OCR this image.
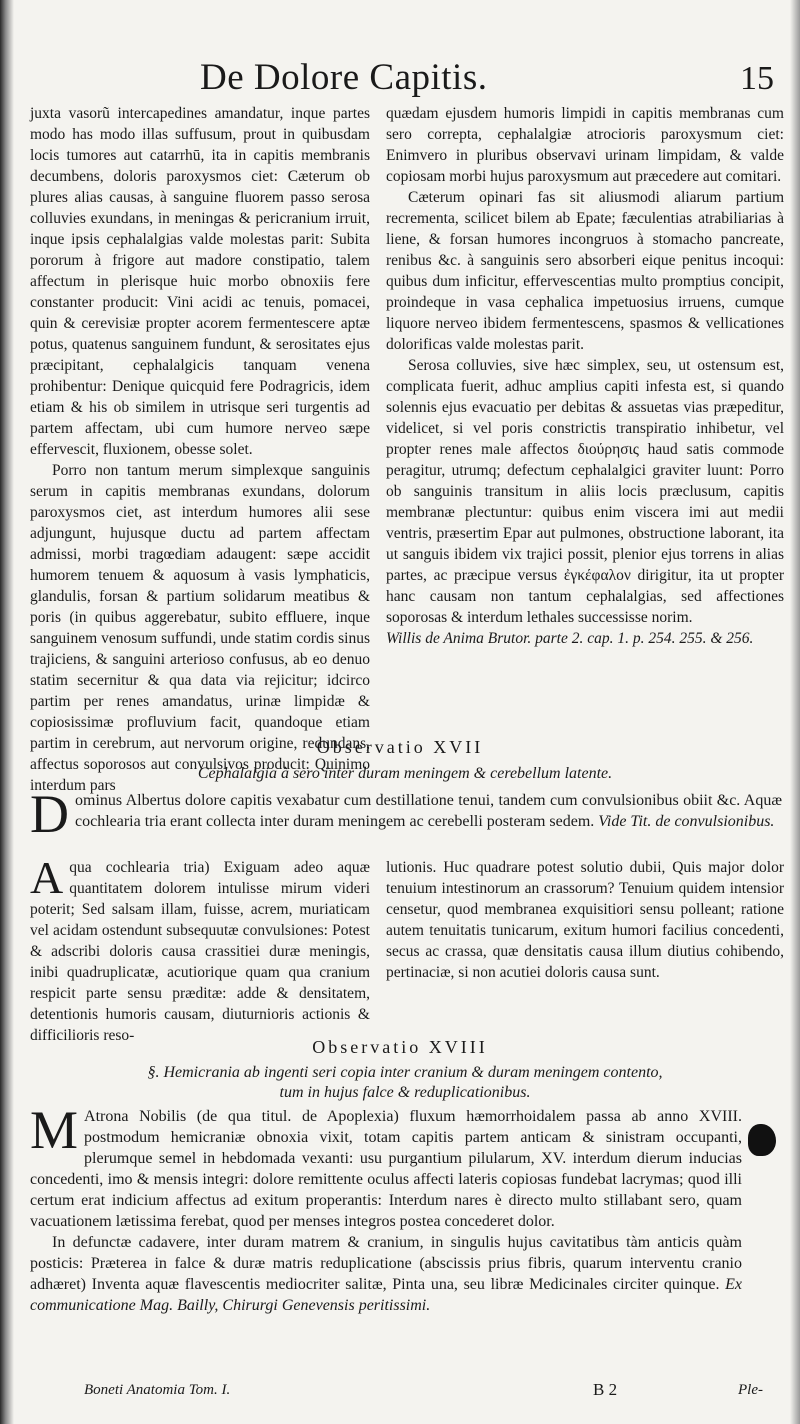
De Dolore Capitis.	15

juxta vasorũ intercapedines amandatur, inque partes modo has modo illas suffusum, prout in quibusdam locis tumores aut catarrhū, ita in capitis membranis decumbens, doloris paroxysmos ciet: Cæterum ob plures alias causas, à sanguine fluorem passo serosa colluvies exundans, in meningas & pericranium irruit, inque ipsis cephalalgias valde molestas parit: Subita pororum à frigore aut madore constipatio, talem affectum in plerisque huic morbo obnoxiis fere constanter producit: Vini acidi ac tenuis, pomacei, quin & cerevisiæ propter acorem fermentescere aptæ potus, quatenus sanguinem fundunt, & serositates ejus præcipitant, cephalalgicis tanquam venena prohibentur: Denique quicquid fere Podragricis, idem etiam & his ob similem in utrisque seri turgentis ad partem affectam, ubi cum humore nerveo sæpe effervescit, fluxionem, obesse solet.

Porro non tantum merum simplexque sanguinis serum in capitis membranas exundans, dolorum paroxysmos ciet, ast interdum humores alii sese adjungunt, hujusque ductu ad partem affectam admissi, morbi tragœdiam adaugent: sæpe accidit humorem tenuem & aquosum à vasis lymphaticis, glandulis, forsan & partium solidarum meatibus & poris (in quibus aggerebatur, subito effluere, inque sanguinem venosum suffundi, unde statim cordis sinus trajiciens, & sanguini arterioso confusus, ab eo denuo statim secernitur & qua data via rejicitur; idcirco partim per renes amandatus, urinæ limpidæ & copiosissimæ profluvium facit, quandoque etiam partim in cerebrum, aut nervorum origine, redundans, affectus soporosos aut convulsivos producit: Quinimo interdum pars

quædam ejusdem humoris limpidi in capitis membranas cum sero correpta, cephalalgiæ atrocioris paroxysmum ciet: Enimvero in pluribus observavi urinam limpidam, & valde copiosam morbi hujus paroxysmum aut præcedere aut comitari.

Cæterum opinari fas sit aliusmodi aliarum partium recrementa, scilicet bilem ab Epate; fæculentias atrabiliarias à liene, & forsan humores incongruos à stomacho pancreate, renibus &c. à sanguinis sero absorberi eique penitus incoqui: quibus dum inficitur, effervescentias multo promptius concipit, proindeque in vasa cephalica impetuosius irruens, cumque liquore nerveo ibidem fermentescens, spasmos & vellicationes dolorificas valde molestas parit.

Serosa colluvies, sive hæc simplex, seu, ut ostensum est, complicata fuerit, adhuc amplius capiti infesta est, si quando solennis ejus evacuatio per debitas & assuetas vias præpeditur, videlicet, si vel poris constrictis transpiratio inhibetur, vel propter renes male affectos διούρησις haud satis commode peragitur, utrumq; defectum cephalalgici graviter luunt: Porro ob sanguinis transitum in aliis locis præclusum, capitis membranæ plectuntur: quibus enim viscera imi aut medii ventris, præsertim Epar aut pulmones, obstructione laborant, ita ut sanguis ibidem vix trajici possit, plenior ejus torrens in alias partes, ac præcipue versus ἐγκέφαλον dirigitur, ita ut propter hanc causam non tantum cephalalgias, sed affectiones soporosas & interdum lethales successisse norim.

Willis de Anima Brutor. parte 2. cap. 1. p. 254. 255. & 256.

Observatio XVII
Cephalalgia à sero inter duram meningem & cerebellum latente.

D ominus Albertus dolore capitis vexabatur cum destillatione tenui, tandem cum convulsionibus obiit &c. Aquæ cochlearia tria erant collecta inter duram meningem ac cerebelli posteram sedem. Vide Tit. de convulsionibus.

A qua cochlearia tria) Exiguam adeo aquæ quantitatem dolorem intulisse mirum videri poterit; Sed salsam illam, fuisse, acrem, muriaticam vel acidam ostendunt subsequutæ convulsiones: Potest & adscribi doloris causa crassitiei duræ meningis, inibi quadruplicatæ, acutiorique quam qua cranium respicit parte sensu præditæ: adde & densitatem, detentionis humoris causam, diuturnioris actionis & difficilioris reso-

lutionis. Huc quadrare potest solutio dubii, Quis major dolor tenuium intestinorum an crassorum? Tenuium quidem intensior censetur, quod membranea exquisitiori sensu polleant; ratione autem tenuitatis tunicarum, exitum humori facilius concedenti, secus ac crassa, quæ densitatis causa illum diutius cohibendo, pertinaciæ, si non acutiei doloris causa sunt.

Observatio XVIII
§. Hemicrania ab ingenti seri copia inter cranium & duram meningem contento,
tum in hujus falce & reduplicationibus.

M Atrona Nobilis (de qua titul. de Apoplexia) fluxum hæmorrhoidalem passa ab anno XVIII. postmodum hemicraniæ obnoxia vixit, totam capitis partem anticam & sinistram occupanti, plerumque semel in hebdomada vexanti: usu purgantium pilularum, XV. interdum dierum inducias concedenti, imo & mensis integri: dolore remittente oculus affecti lateris copiosas fundebat lacrymas; quod illi certum erat indicium affectus ad exitum properantis: Interdum nares è directo multo stillabant sero, quam vacuationem lætissima ferebat, quod per menses integros postea concederet dolor.

In defunctæ cadavere, inter duram matrem & cranium, in singulis hujus cavitatibus tàm anticis quàm posticis: Præterea in falce & duræ matris reduplicatione (abscissis prius fibris, quarum interventu cranio adhæret) Inventa aquæ flavescentis mediocriter salitæ, Pinta una, seu libræ Medicinales circiter quinque. Ex communicatione Mag. Bailly, Chirurgi Genevensis peritissimi.

Boneti Anatomia Tom. I.	B 2	Ple-
